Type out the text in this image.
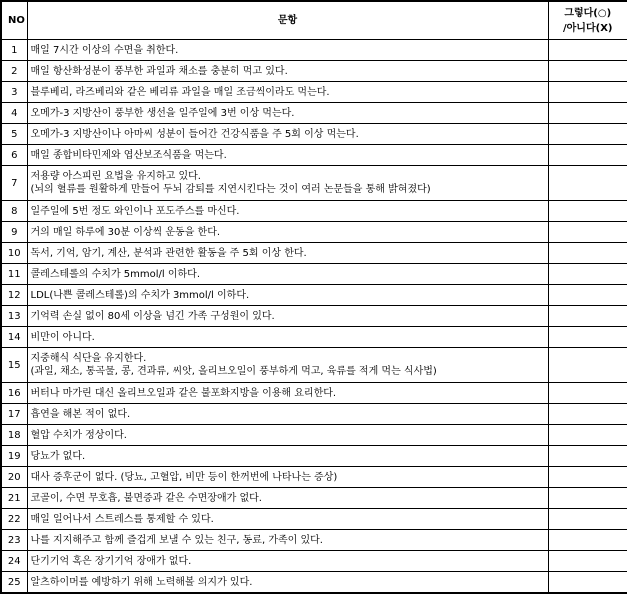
NO	문항	그렇다(○)
/아니다(X)

1	매일 7시간 이상의 수면을 취한다.	

2	매일 항산화성분이 풍부한 과일과 채소를 충분히 먹고 있다.	

3	블루베리, 라즈베리와 같은 베리류 과일을 매일 조금씩이라도 먹는다.	

4	오메가-3 지방산이 풍부한 생선을 일주일에 3번 이상 먹는다.	

5	오메가-3 지방산이나 아마씨 성분이 들어간 건강식품을 주 5회 이상 먹는다.	

6	매일 종합비타민제와 엽산보조식품을 먹는다.	

7	저용량 아스피린 요법을 유지하고 있다.
(뇌의 혈류를 원활하게 만들어 두뇌 감퇴를 지연시킨다는 것이 여러 논문들을 통해 밝혀졌다)	

8	일주일에 5번 정도 와인이나 포도주스를 마신다.	

9	거의 매일 하루에 30분 이상씩 운동을 한다.	

10	독서, 기억, 암기, 계산, 분석과 관련한 활동을 주 5회 이상 한다.	

11	콜레스테롤의 수치가 5mmol/l 이하다.	

12	LDL(나쁜 콜레스테롤)의 수치가 3mmol/l 이하다.	

13	기억력 손실 없이 80세 이상을 넘긴 가족 구성원이 있다.	

14	비만이 아니다.	

15	지중해식 식단을 유지한다.
(과일, 채소, 통곡물, 콩, 견과류, 씨앗, 올리브오일이 풍부하게 먹고, 육류를 적게 먹는 식사법)	

16	버터나 마가린 대신 올리브오일과 같은 불포화지방을 이용해 요리한다.	

17	흡연을 해본 적이 없다.	

18	혈압 수치가 정상이다.	

19	당뇨가 없다.	

20	대사 증후군이 없다. (당뇨, 고혈압, 비만 등이 한꺼번에 나타나는 증상)	

21	코골이, 수면 무호흡, 불면증과 같은 수면장애가 없다.	

22	매일 일어나서 스트레스를 통제할 수 있다.	

23	나를 지지해주고 함께 즐겁게 보낼 수 있는 친구, 동료, 가족이 있다.	

24	단기기억 혹은 장기기억 장애가 없다.	

25	알츠하이머를 예방하기 위해 노력해볼 의지가 있다.	
